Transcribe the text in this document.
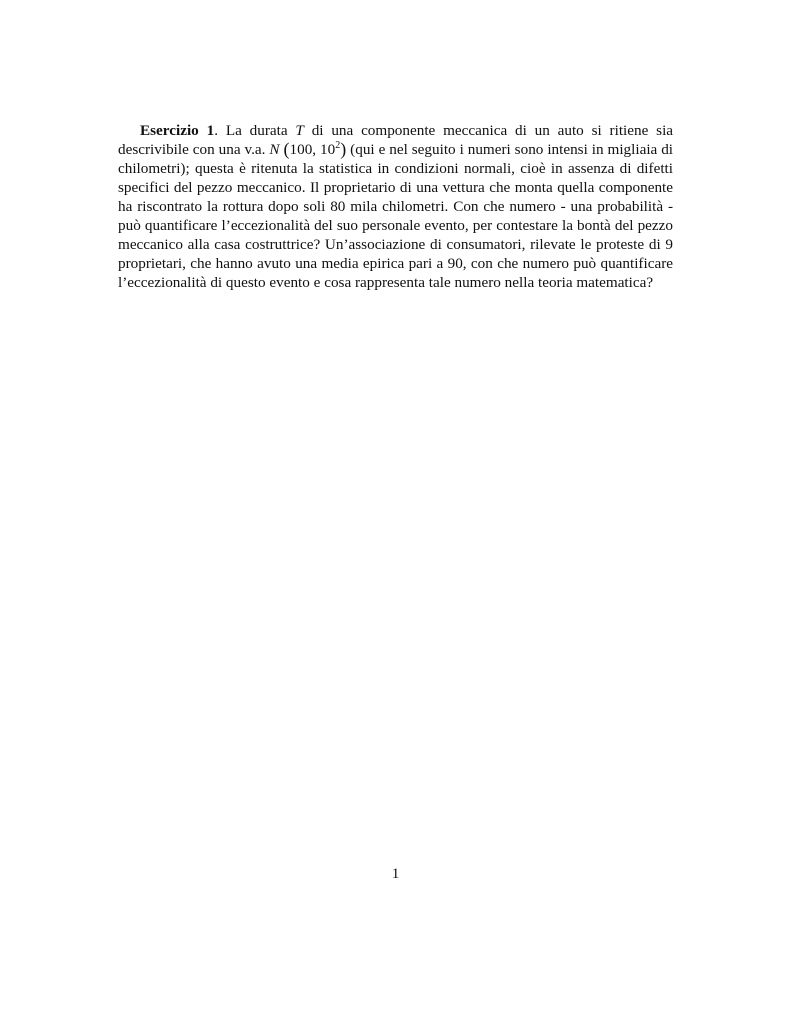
Esercizio 1. La durata T di una componente meccanica di un auto si ritiene sia descrivibile con una v.a. N (100, $10^2$) (qui e nel seguito i numeri sono intensi in migliaia di chilometri); questa è ritenuta la statistica in condizioni normali, cioè in assenza di difetti specifici del pezzo meccanico. Il proprietario di una vettura che monta quella componente ha riscontrato la rottura dopo soli 80 mila chilometri. Con che numero - una probabilità - può quantificare l’eccezionalità del suo personale evento, per contestare la bontà del pezzo meccanico alla casa costruttrice? Un’associazione di consumatori, rilevate le proteste di 9 proprietari, che hanno avuto una media epirica pari a 90, con che numero può quantificare l’eccezionalità di questo evento e cosa rappresenta tale numero nella teoria matematica?

1
